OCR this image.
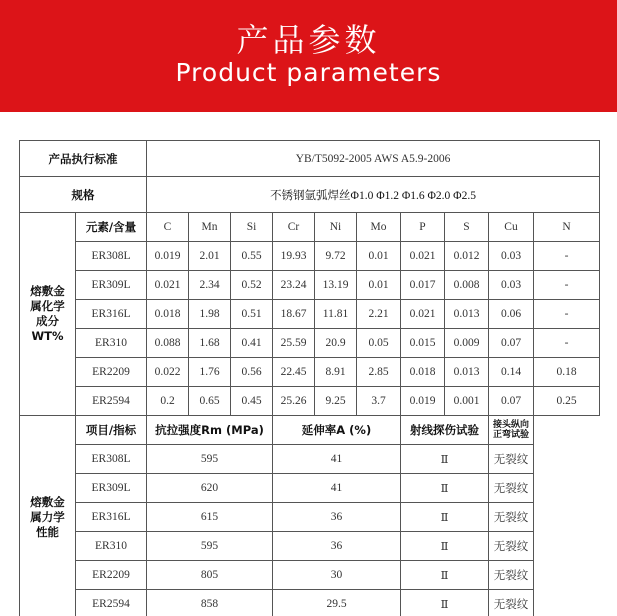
产品参数
Product parameters
产品执行标准		YB/T5092-2005 AWS A5.9-2006									
规格		不锈钢氩弧焊丝Φ1.0 Φ1.2 Φ1.6 Φ2.0 Φ2.5									
熔敷金
属化学
成分WT%	元素/含量	C	Mn	Si	Cr	Ni	Mo	P	S	Cu	N
	ER308L	0.019	2.01	0.55	19.93	9.72	0.01	0.021	0.012	0.03	-
	ER309L	0.021	2.34	0.52	23.24	13.19	0.01	0.017	0.008	0.03	-
	ER316L	0.018	1.98	0.51	18.67	11.81	2.21	0.021	0.013	0.06	-
	ER310	0.088	1.68	0.41	25.59	20.9	0.05	0.015	0.009	0.07	-
	ER2209	0.022	1.76	0.56	22.45	8.91	2.85	0.018	0.013	0.14	0.18
	ER2594	0.2	0.65	0.45	25.26	9.25	3.7	0.019	0.001	0.07	0.25
熔敷金
属力学
性能	项目/指标	抗拉强度Rm (MPa)			延伸率A (%)			射线探伤试验		接头纵向
正弯试验	
	ER308L	595			41			Ⅱ		无裂纹	
	ER309L	620			41			Ⅱ		无裂纹	
	ER316L	615			36			Ⅱ		无裂纹	
	ER310	595			36			Ⅱ		无裂纹	
	ER2209	805			30			Ⅱ		无裂纹	
	ER2594	858			29.5			Ⅱ		无裂纹	
